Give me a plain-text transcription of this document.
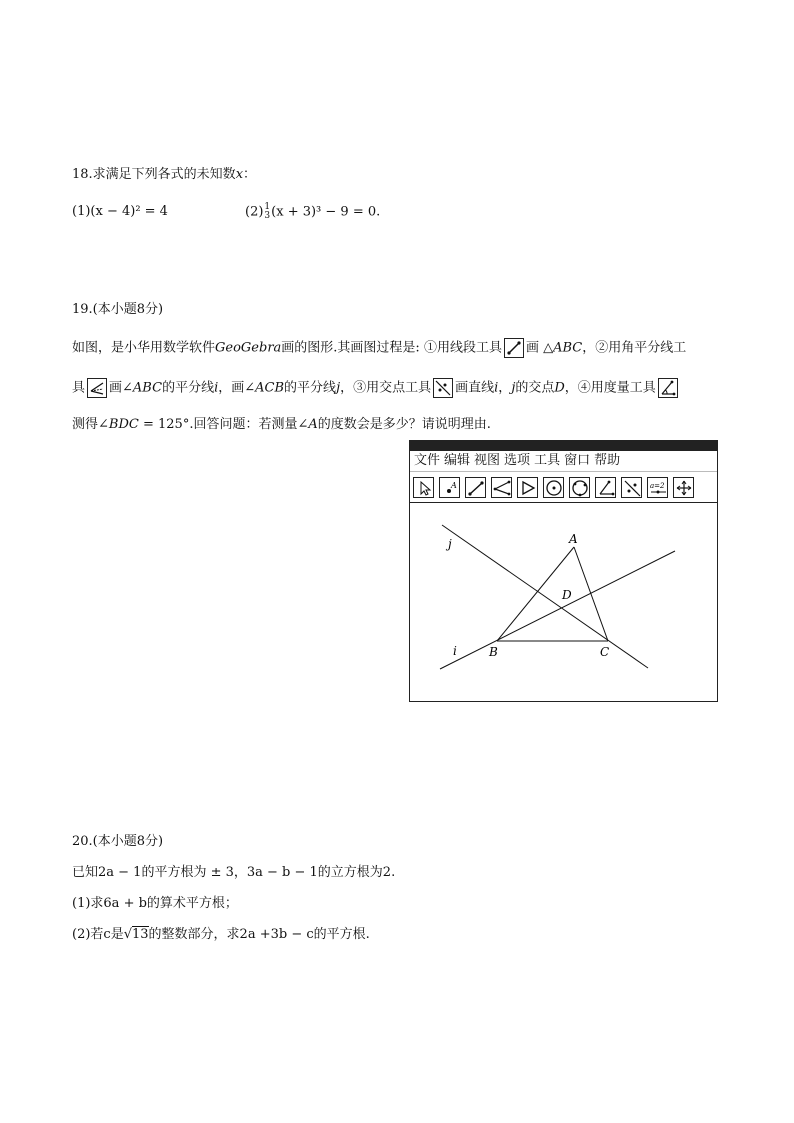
18.求满足下列各式的未知数x：
(1)(x − 4)² = 4	(2) 1
3 (x + 3)³ − 9 = 0.
19.(本小题8分)
如图，是小华用数学软件GeoGebra画的图形.其画图过程是: ①用线段工具 画 △ABC，②用角平分线工
具 画∠ABC的平分线i，画∠ACB的平分线j，③用交点工具 画直线i，j的交点D，④用度量工具
测得∠BDC = 125°.回答问题：若测量∠A的度数会是多少？请说明理由.
文件 编辑 视图 选项 工具 窗口 帮助
A	a=2
A
B	C
D
i
j
20.(本小题8分)
已知2a − 1的平方根为 ± 3，3a − b − 1的立方根为2.
(1)求6a + b的算术平方根；
(2)若c是√13的整数部分，求2a +3b − c的平方根.
